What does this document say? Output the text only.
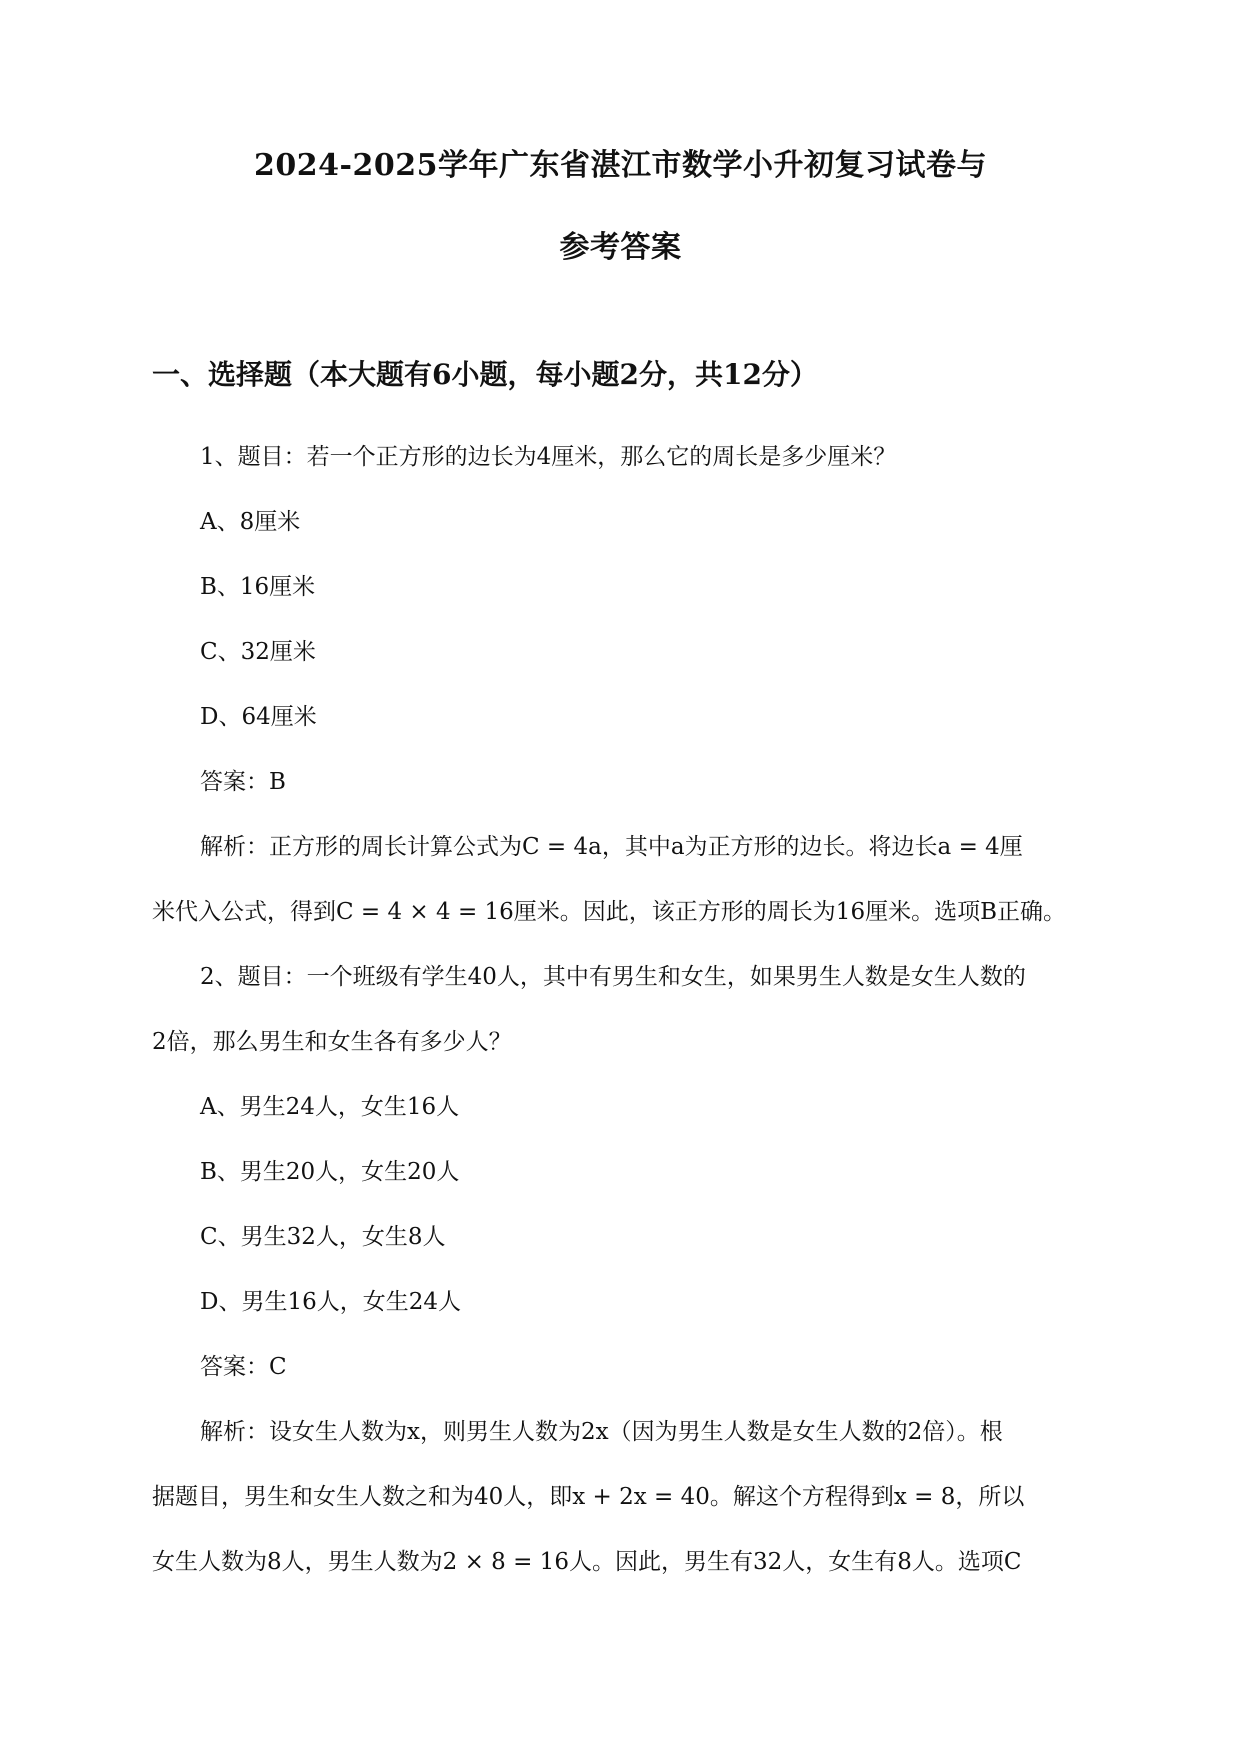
2024-2025学年广东省湛江市数学小升初复习试卷与
参考答案
一、选择题（本大题有6小题，每小题2分，共12分）
1、题目：若一个正方形的边长为4厘米，那么它的周长是多少厘米？
A、8厘米
B、16厘米
C、32厘米
D、64厘米
答案：B
解析：正方形的周长计算公式为C = 4a，其中a为正方形的边长。将边长a = 4厘
米代入公式，得到C = 4 × 4 = 16厘米。因此，该正方形的周长为16厘米。选项B正确。
2、题目：一个班级有学生40人，其中有男生和女生，如果男生人数是女生人数的
2倍，那么男生和女生各有多少人？
A、男生24人，女生16人
B、男生20人，女生20人
C、男生32人，女生8人
D、男生16人，女生24人
答案：C
解析：设女生人数为x，则男生人数为2x（因为男生人数是女生人数的2倍）。根
据题目，男生和女生人数之和为40人，即x + 2x = 40。解这个方程得到x = 8，所以
女生人数为8人，男生人数为2 × 8 = 16人。因此，男生有32人，女生有8人。选项C
